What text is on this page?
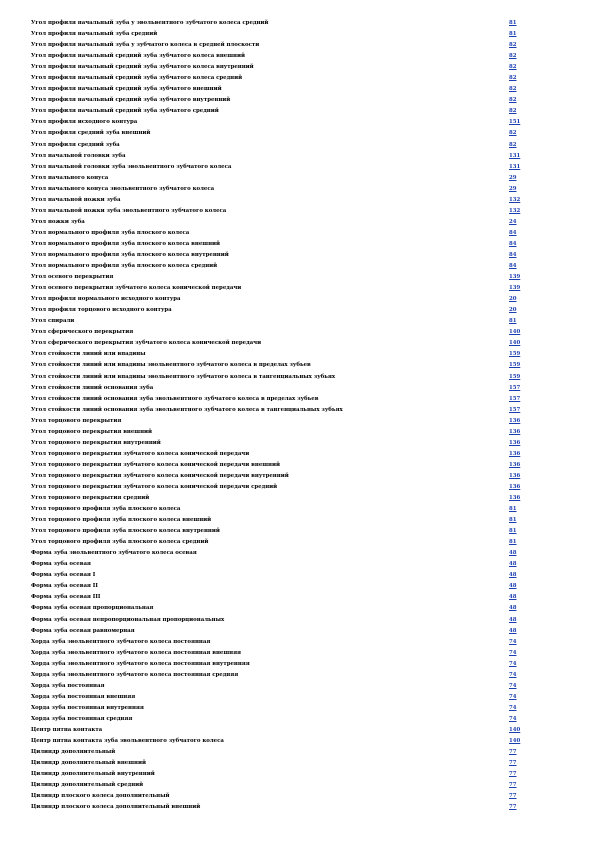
Угол профиля начальный зуба у эвольвентного зубчатого колеса средний	81
Угол профиля начальный зуба средний	81
Угол профиля начальный зуба у зубчатого колеса в средней плоскости	82
Угол профиля начальный средний зуба зубчатого колеса внешний	82
Угол профиля начальный средний зуба зубчатого колеса внутренний	82
Угол профиля начальный средний зуба зубчатого колеса средний	82
Угол профиля начальный средний зуба зубчатого внешний	82
Угол профиля начальный средний зуба зубчатого внутренний	82
Угол профиля начальный средний зуба зубчатого средний	82
Угол профиля исходного контура	151
Угол профиля средний зуба внешний	82
Угол профиля средний зуба	82
Угол начальной головки зуба	131
Угол начальной головки зуба эвольвентного зубчатого колеса	131
Угол начального конуса	29
Угол начального конуса эвольвентного зубчатого колеса	29
Угол начальной ножки зуба	132
Угол начальной ножки зуба эвольвентного зубчатого колеса	132
Угол ножки зуба	24
Угол нормального профиля зуба плоского колеса	84
Угол нормального профиля зуба плоского колеса внешний	84
Угол нормального профиля зуба плоского колеса внутренний	84
Угол нормального профиля зуба плоского колеса средний	84
Угол осевого перекрытия	139
Угол осевого перекрытия зубчатого колеса конической передачи	139
Угол профиля нормального исходного контура	20
Угол профиля торцового исходного контура	20
Угол спирали	81
Угол сферического перекрытия	140
Угол сферического перекрытия зубчатого колеса конической передачи	140
Угол стойкости линий или впадины	159
Угол стойкости линий или впадины эвольвентного зубчатого колеса в пределах зубьев	159
Угол стойкости линий или впадины эвольвентного зубчатого колеса в тангенциальных зубьях	159
Угол стойкости линий основания зуба	157
Угол стойкости линий основания зуба эвольвентного зубчатого колеса в пределах зубьев	157
Угол стойкости линий основания зуба эвольвентного зубчатого колеса в тангенциальных зубьях	157
Угол торцового перекрытия	136
Угол торцового перекрытия внешний	136
Угол торцового перекрытия внутренний	136
Угол торцового перекрытия зубчатого колеса конической передачи	136
Угол торцового перекрытия зубчатого колеса конической передачи внешний	136
Угол торцового перекрытия зубчатого колеса конической передачи внутренний	136
Угол торцового перекрытия зубчатого колеса конической передачи средний	136
Угол торцового перекрытия средний	136
Угол торцового профиля зуба плоского колеса	81
Угол торцового профиля зуба плоского колеса внешний	81
Угол торцового профиля зуба плоского колеса внутренний	81
Угол торцового профиля зуба плоского колеса средний	81
Форма зуба эвольвентного зубчатого колеса осевая	48
Форма зуба осевая	48
Форма зуба осевая I	48
Форма зуба осевая II	48
Форма зуба осевая III	48
Форма зуба осевая пропорциональная	48
Форма зуба осевая непропорциональная пропорциональных	48
Форма зуба осевая равномерная	48
Хорда зуба эвольвентного зубчатого колеса постоянная	74
Хорда зуба эвольвентного зубчатого колеса постоянная внешняя	74
Хорда зуба эвольвентного зубчатого колеса постоянная внутренняя	74
Хорда зуба эвольвентного зубчатого колеса постоянная средняя	74
Хорда зуба постоянная	74
Хорда зуба постоянная внешняя	74
Хорда зуба постоянная внутренняя	74
Хорда зуба постоянная средняя	74
Центр пятна контакта	140
Центр пятна контакта зуба эвольвентного зубчатого колеса	140
Цилиндр дополнительный	77
Цилиндр дополнительный внешний	77
Цилиндр дополнительный внутренний	77
Цилиндр дополнительный средний	77
Цилиндр плоского колеса дополнительный	77
Цилиндр плоского колеса дополнительный внешний	77
